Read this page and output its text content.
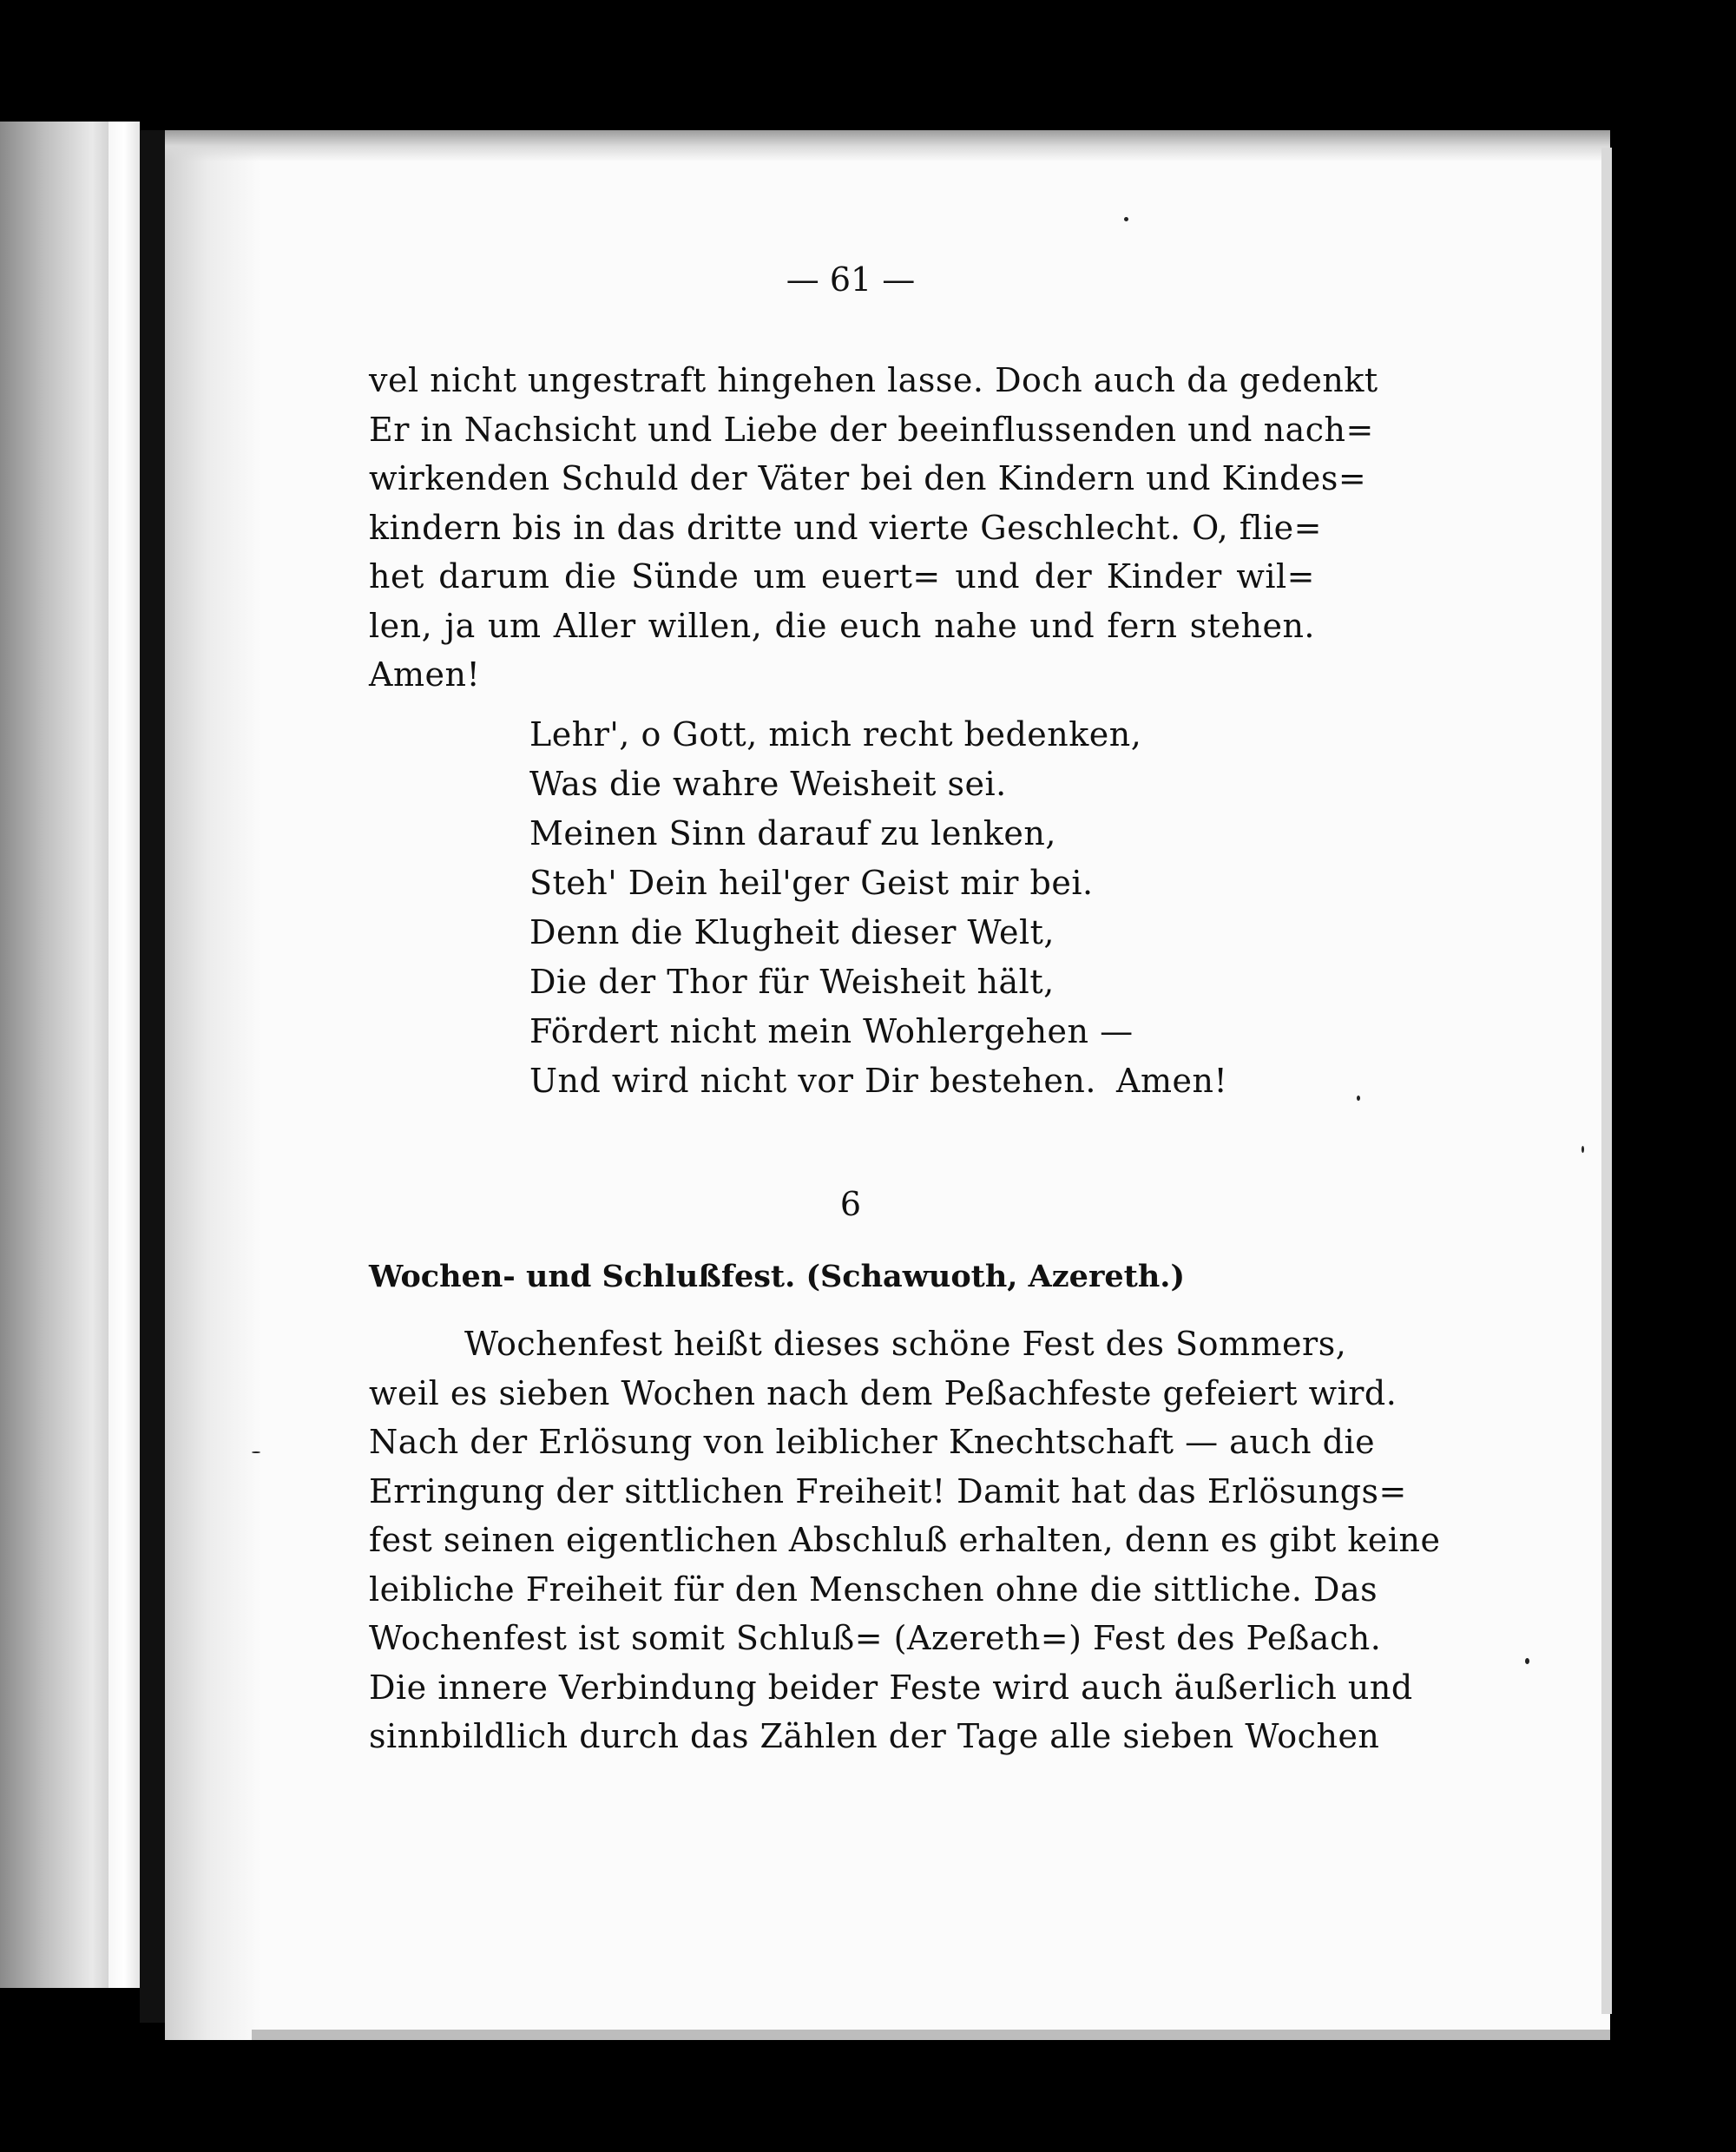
— 61 —
vel nicht ungestraft hingehen lasse. Doch auch da gedenkt
Er in Nachsicht und Liebe der beeinflussenden und nach=
wirkenden Schuld der Väter bei den Kindern und Kindes=
kindern bis in das dritte und vierte Geschlecht. O, flie=
het darum die Sünde um euert= und der Kinder wil=
len, ja um Aller willen, die euch nahe und fern stehen.
Amen!
Lehr', o Gott, mich recht bedenken,
Was die wahre Weisheit sei.
Meinen Sinn darauf zu lenken,
Steh' Dein heil'ger Geist mir bei.
Denn die Klugheit dieser Welt,
Die der Thor für Weisheit hält,
Fördert nicht mein Wohlergehen —
Und wird nicht vor Dir bestehen. Amen!
6
Wochen- und Schlußfest. (Schawuoth, Azereth.)
Wochenfest heißt dieses schöne Fest des Sommers,
weil es sieben Wochen nach dem Peßachfeste gefeiert wird.
Nach der Erlösung von leiblicher Knechtschaft — auch die
Erringung der sittlichen Freiheit! Damit hat das Erlösungs=
fest seinen eigentlichen Abschluß erhalten, denn es gibt keine
leibliche Freiheit für den Menschen ohne die sittliche. Das
Wochenfest ist somit Schluß= (Azereth=) Fest des Peßach.
Die innere Verbindung beider Feste wird auch äußerlich und
sinnbildlich durch das Zählen der Tage alle sieben Wochen
